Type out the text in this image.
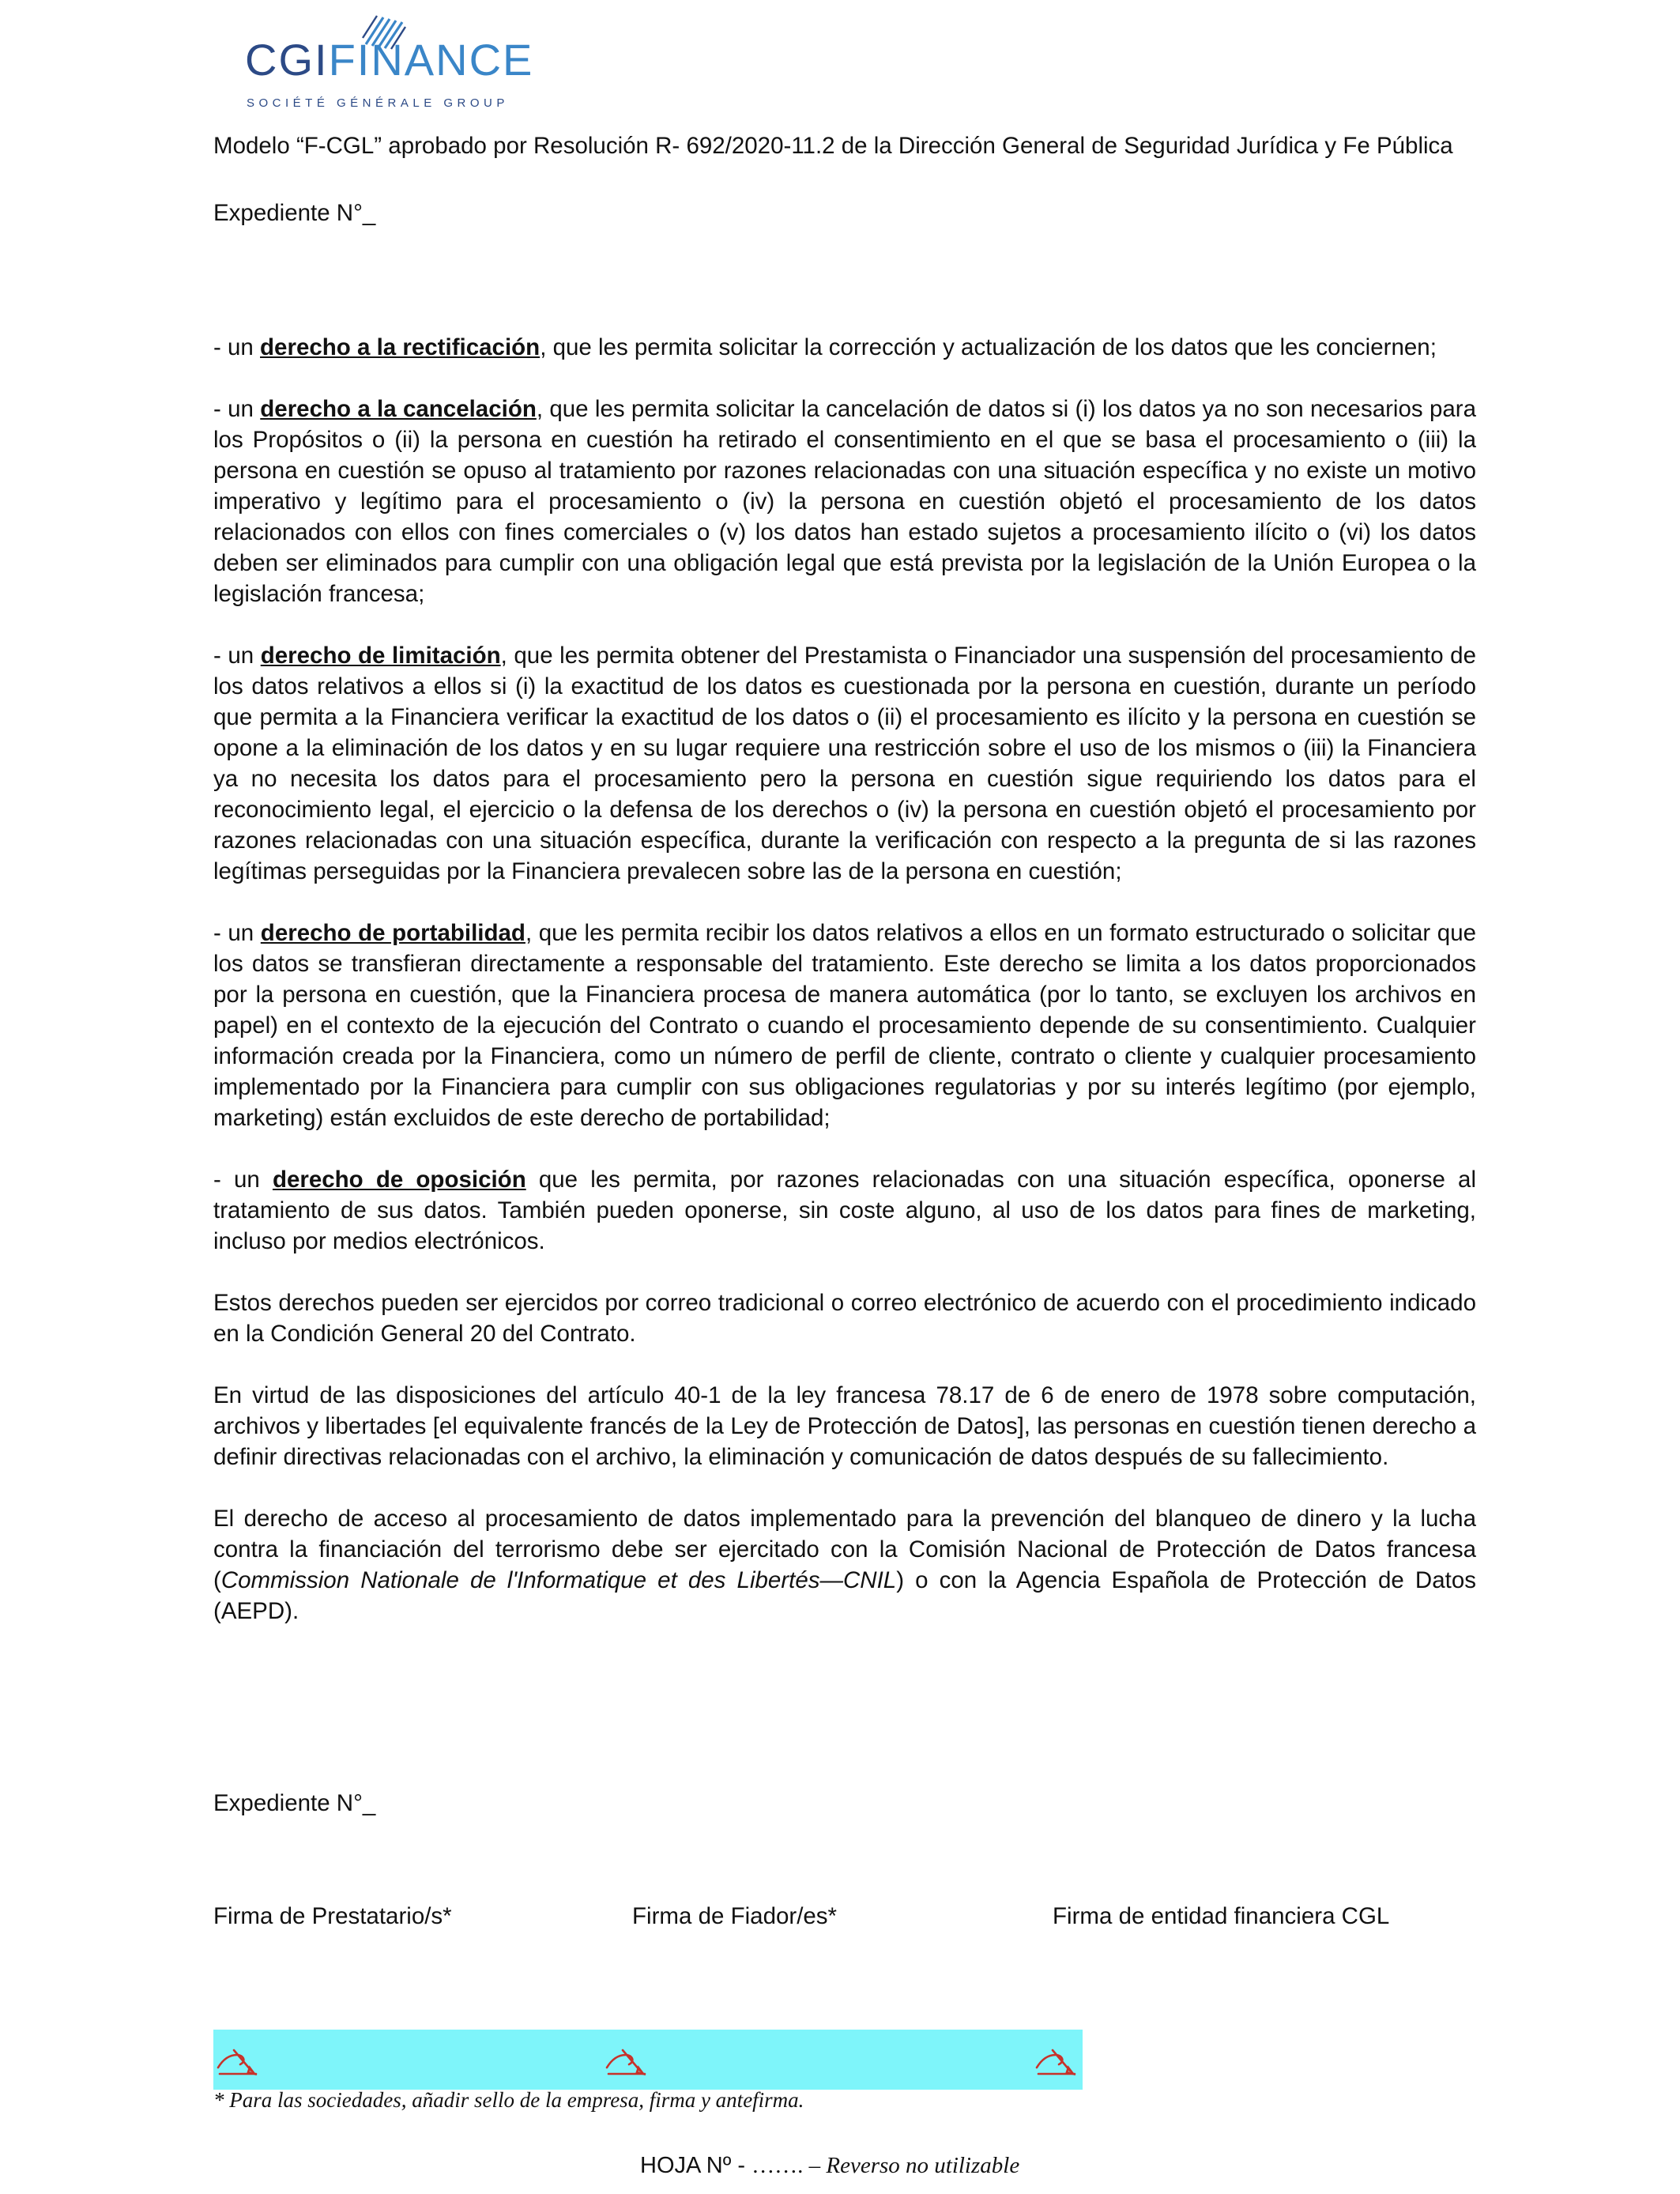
CGIFINANCE
SOCIÉTÉ GÉNÉRALE GROUP
Modelo “F-CGL” aprobado por Resolución R- 692/2020-11.2 de la Dirección General de Seguridad Jurídica y Fe Pública
Expediente N°_

- un derecho a la rectificación, que les permita solicitar la corrección y actualización de los datos que les conciernen;

- un derecho a la cancelación, que les permita solicitar la cancelación de datos si (i) los datos ya no son necesarios para los Propósitos o (ii) la persona en cuestión ha retirado el consentimiento en el que se basa el procesamiento o (iii) la persona en cuestión se opuso al tratamiento por razones relacionadas con una situación específica y no existe un motivo imperativo y legítimo para el procesamiento o (iv) la persona en cuestión objetó el procesamiento de los datos relacionados con ellos con fines comerciales o (v) los datos han estado sujetos a procesamiento ilícito o (vi) los datos deben ser eliminados para cumplir con una obligación legal que está prevista por la legislación de la Unión Europea o la legislación francesa;

- un derecho de limitación, que les permita obtener del Prestamista o Financiador una suspensión del procesamiento de los datos relativos a ellos si (i) la exactitud de los datos es cuestionada por la persona en cuestión, durante un período que permita a la Financiera verificar la exactitud de los datos o (ii) el procesamiento es ilícito y la persona en cuestión se opone a la eliminación de los datos y en su lugar requiere una restricción sobre el uso de los mismos o (iii) la Financiera ya no necesita los datos para el procesamiento pero la persona en cuestión sigue requiriendo los datos para el reconocimiento legal, el ejercicio o la defensa de los derechos o (iv) la persona en cuestión objetó el procesamiento por razones relacionadas con una situación específica, durante la verificación con respecto a la pregunta de si las razones legítimas perseguidas por la Financiera prevalecen sobre las de la persona en cuestión;

- un derecho de portabilidad, que les permita recibir los datos relativos a ellos en un formato estructurado o solicitar que los datos se transfieran directamente a responsable del tratamiento. Este derecho se limita a los datos proporcionados por la persona en cuestión, que la Financiera procesa de manera automática (por lo tanto, se excluyen los archivos en papel) en el contexto de la ejecución del Contrato o cuando el procesamiento depende de su consentimiento. Cualquier información creada por la Financiera, como un número de perfil de cliente, contrato o cliente y cualquier procesamiento implementado por la Financiera para cumplir con sus obligaciones regulatorias y por su interés legítimo (por ejemplo, marketing) están excluidos de este derecho de portabilidad;

- un derecho de oposición que les permita, por razones relacionadas con una situación específica, oponerse al tratamiento de sus datos. También pueden oponerse, sin coste alguno, al uso de los datos para fines de marketing, incluso por medios electrónicos.

Estos derechos pueden ser ejercidos por correo tradicional o correo electrónico de acuerdo con el procedimiento indicado en la Condición General 20 del Contrato.

En virtud de las disposiciones del artículo 40-1 de la ley francesa 78.17 de 6 de enero de 1978 sobre computación, archivos y libertades [el equivalente francés de la Ley de Protección de Datos], las personas en cuestión tienen derecho a definir directivas relacionadas con el archivo, la eliminación y comunicación de datos después de su fallecimiento.

El derecho de acceso al procesamiento de datos implementado para la prevención del blanqueo de dinero y la lucha contra la financiación del terrorismo debe ser ejercitado con la Comisión Nacional de Protección de Datos francesa (Commission Nationale de l'Informatique et des Libertés—CNIL) o con la Agencia Española de Protección de Datos (AEPD).

Expediente N°_
Firma de Prestatario/s*	Firma de Fiador/es*	Firma de entidad financiera CGL
* Para las sociedades, añadir sello de la empresa, firma y antefirma.
HOJA Nº - ……. – Reverso no utilizable
